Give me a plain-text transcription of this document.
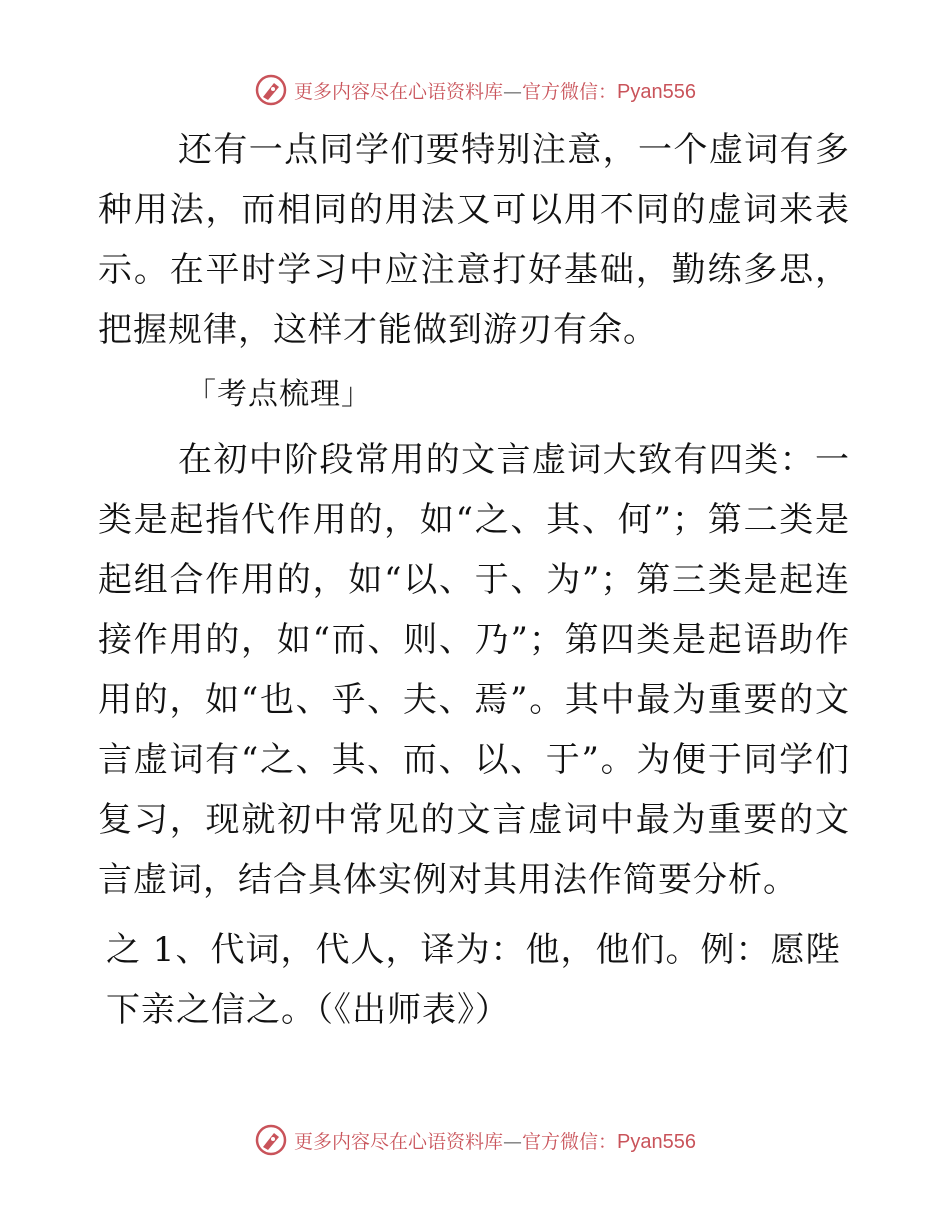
更多内容尽在心语资料库—官方微信：Pyan556

还有一点同学们要特别注意，一个虚词有多种用法，而相同的用法又可以用不同的虚词来表示。在平时学习中应注意打好基础，勤练多思，把握规律，这样才能做到游刃有余。

「考点梳理」

在初中阶段常用的文言虚词大致有四类：一类是起指代作用的，如“之、其、何”；第二类是起组合作用的，如“以、于、为”；第三类是起连接作用的，如“而、则、乃”；第四类是起语助作用的，如“也、乎、夫、焉”。其中最为重要的文言虚词有“之、其、而、以、于”。为便于同学们复习，现就初中常见的文言虚词中最为重要的文言虚词，结合具体实例对其用法作简要分析。

之 1、代词，代人，译为：他，他们。例：愿陛下亲之信之。（《出师表》）

更多内容尽在心语资料库—官方微信：Pyan556
